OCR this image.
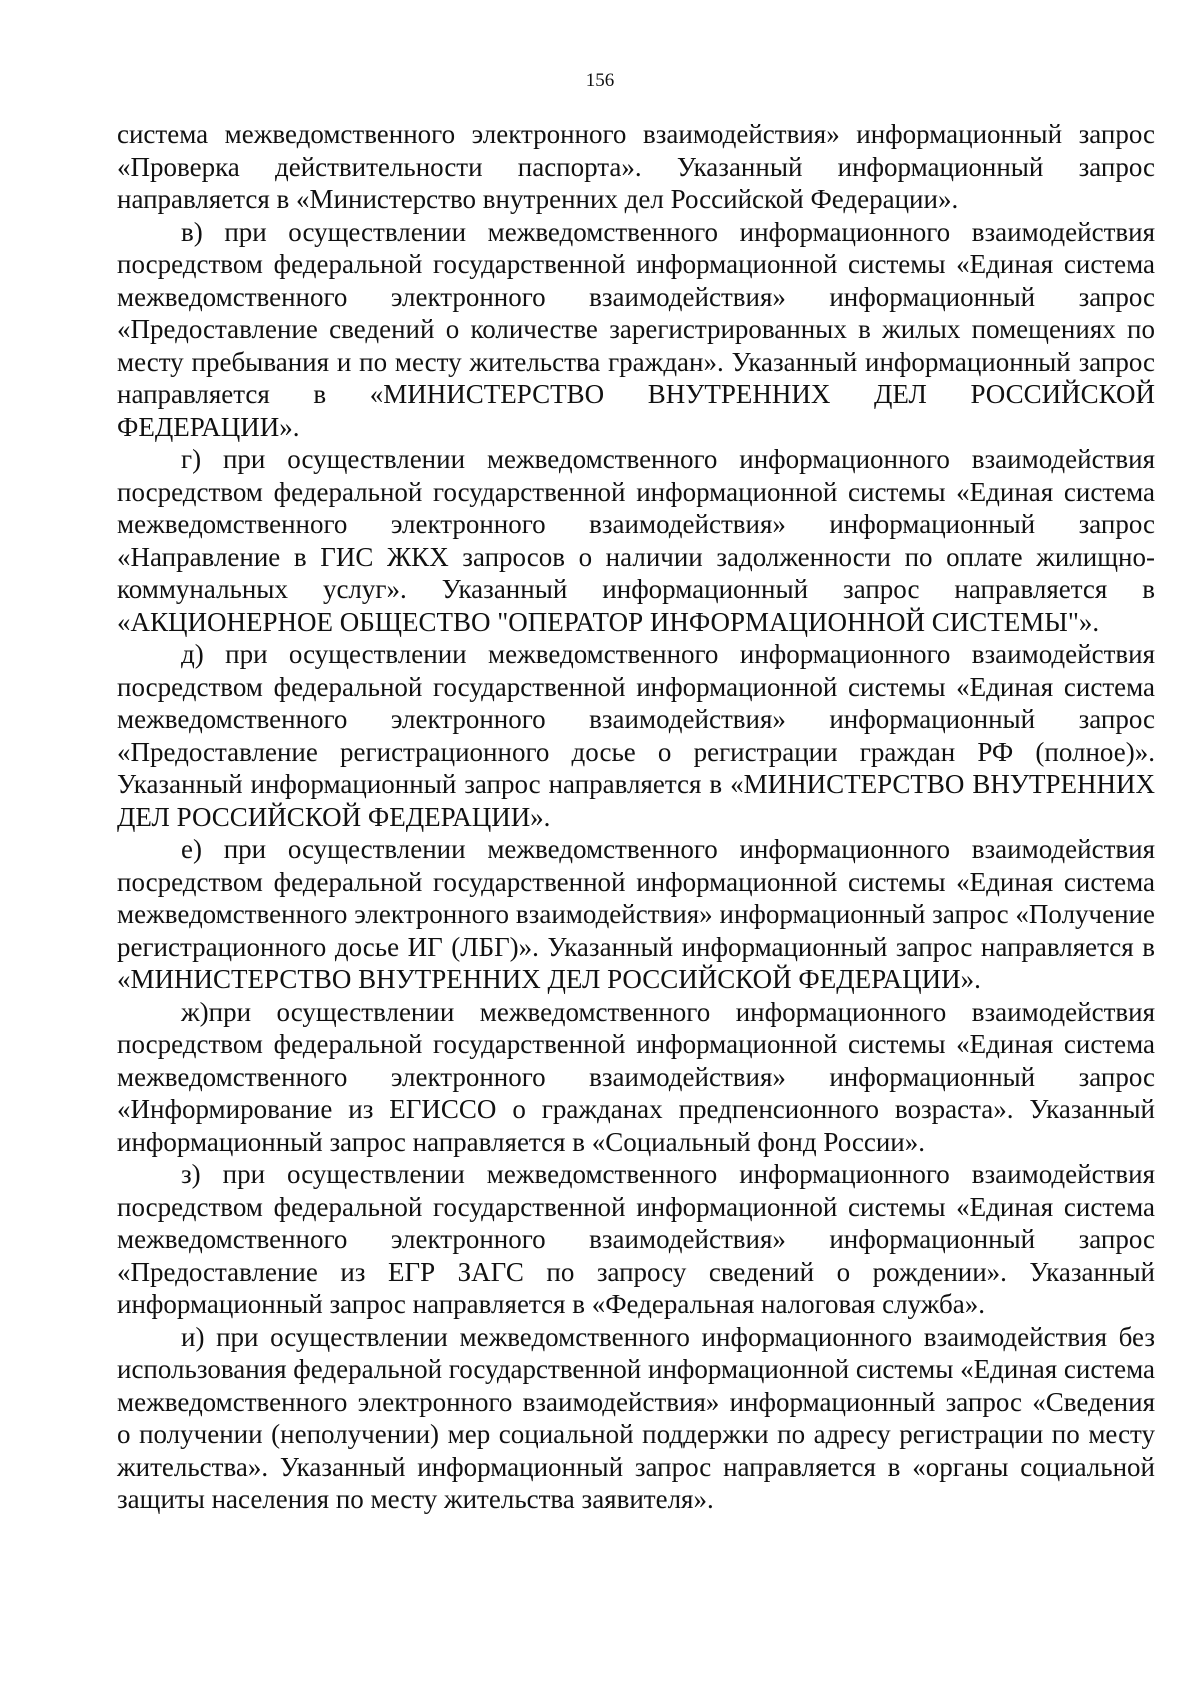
156

система межведомственного электронного взаимодействия» информационный запрос «Проверка действительности паспорта». Указанный информационный запрос направляется в «Министерство внутренних дел Российской Федерации».

в) при осуществлении межведомственного информационного взаимодействия посредством федеральной государственной информационной системы «Единая система межведомственного электронного взаимодействия» информационный запрос «Предоставление сведений о количестве зарегистрированных в жилых помещениях по месту пребывания и по месту жительства граждан». Указанный информационный запрос направляется в «МИНИСТЕРСТВО ВНУТРЕННИХ ДЕЛ РОССИЙСКОЙ ФЕДЕРАЦИИ».

г) при осуществлении межведомственного информационного взаимодействия посредством федеральной государственной информационной системы «Единая система межведомственного электронного взаимодействия» информационный запрос «Направление в ГИС ЖКХ запросов о наличии задолженности по оплате жилищно-коммунальных услуг». Указанный информационный запрос направляется в «АКЦИОНЕРНОЕ ОБЩЕСТВО "ОПЕРАТОР ИНФОРМАЦИОННОЙ СИСТЕМЫ"».

д) при осуществлении межведомственного информационного взаимодействия посредством федеральной государственной информационной системы «Единая система межведомственного электронного взаимодействия» информационный запрос «Предоставление регистрационного досье о регистрации граждан РФ (полное)». Указанный информационный запрос направляется в «МИНИСТЕРСТВО ВНУТРЕННИХ ДЕЛ РОССИЙСКОЙ ФЕДЕРАЦИИ».

е) при осуществлении межведомственного информационного взаимодействия посредством федеральной государственной информационной системы «Единая система межведомственного электронного взаимодействия» информационный запрос «Получение регистрационного досье ИГ (ЛБГ)». Указанный информационный запрос направляется в «МИНИСТЕРСТВО ВНУТРЕННИХ ДЕЛ РОССИЙСКОЙ ФЕДЕРАЦИИ».

ж)при осуществлении межведомственного информационного взаимодействия посредством федеральной государственной информационной системы «Единая система межведомственного электронного взаимодействия» информационный запрос «Информирование из ЕГИССО о гражданах предпенсионного возраста». Указанный информационный запрос направляется в «Социальный фонд России».

з) при осуществлении межведомственного информационного взаимодействия посредством федеральной государственной информационной системы «Единая система межведомственного электронного взаимодействия» информационный запрос «Предоставление из ЕГР ЗАГС по запросу сведений о рождении». Указанный информационный запрос направляется в «Федеральная налоговая служба».

и) при осуществлении межведомственного информационного взаимодействия без использования федеральной государственной информационной системы «Единая система межведомственного электронного взаимодействия» информационный запрос «Сведения о получении (неполучении) мер социальной поддержки по адресу регистрации по месту жительства». Указанный информационный запрос направляется в «органы социальной защиты населения по месту жительства заявителя».
